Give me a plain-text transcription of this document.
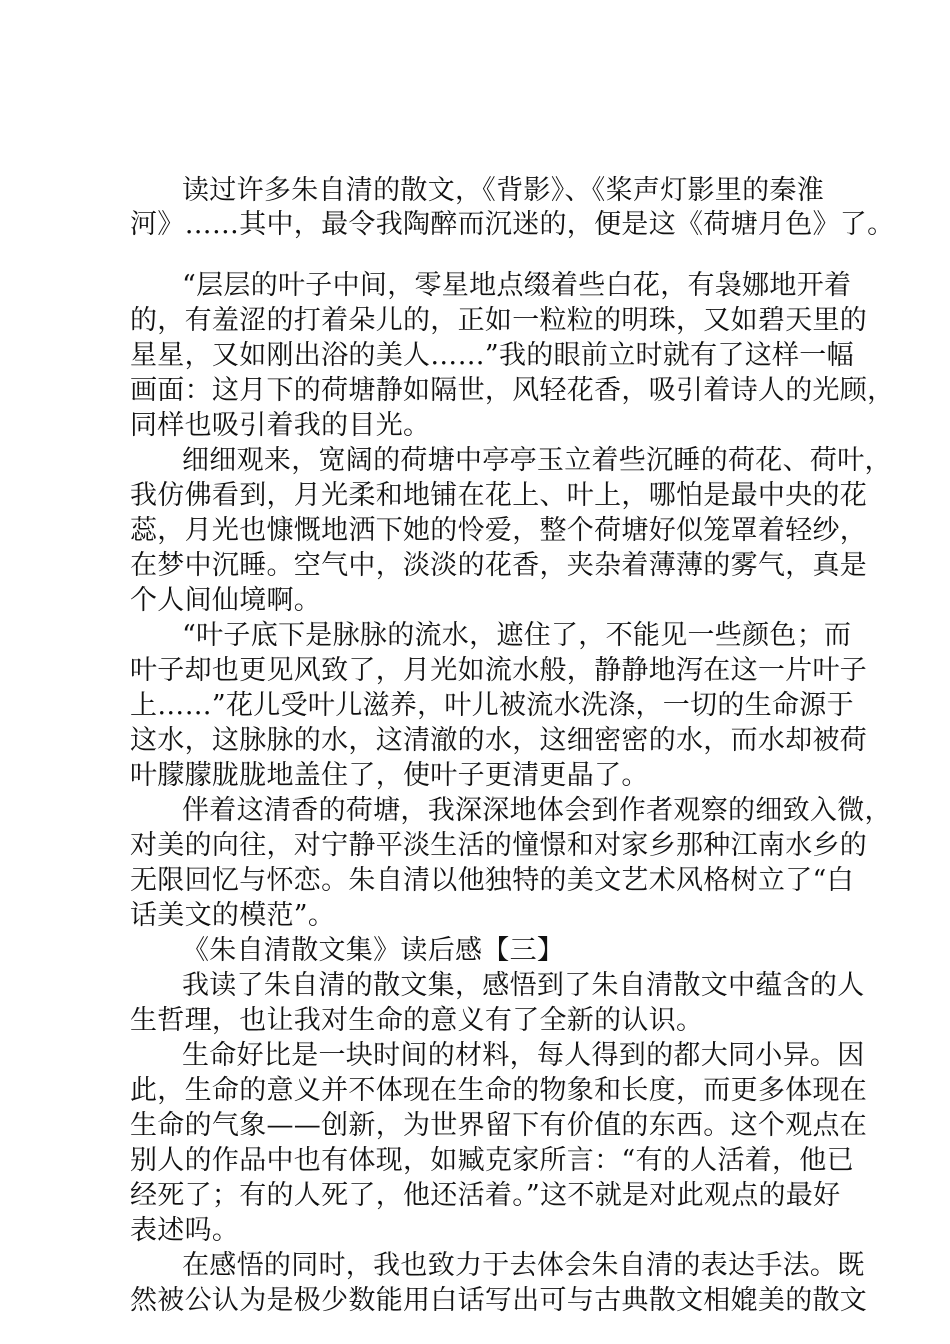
读过许多朱自清的散文，《背影》、《桨声灯影里的秦淮
河》……其中，最令我陶醉而沉迷的，便是这《荷塘月色》了。
“层层的叶子中间，零星地点缀着些白花，有袅娜地开着
的，有羞涩的打着朵儿的，正如一粒粒的明珠，又如碧天里的
星星，又如刚出浴的美人……”我的眼前立时就有了这样一幅
画面：这月下的荷塘静如隔世，风轻花香，吸引着诗人的光顾，
同样也吸引着我的目光。
细细观来，宽阔的荷塘中亭亭玉立着些沉睡的荷花、荷叶，
我仿佛看到，月光柔和地铺在花上、叶上，哪怕是最中央的花
蕊，月光也慷慨地洒下她的怜爱，整个荷塘好似笼罩着轻纱，
在梦中沉睡。空气中，淡淡的花香，夹杂着薄薄的雾气，真是
个人间仙境啊。
“叶子底下是脉脉的流水，遮住了，不能见一些颜色；而
叶子却也更见风致了，月光如流水般，静静地泻在这一片叶子
上……”花儿受叶儿滋养，叶儿被流水洗涤，一切的生命源于
这水，这脉脉的水，这清澈的水，这细密密的水，而水却被荷
叶朦朦胧胧地盖住了，使叶子更清更晶了。
伴着这清香的荷塘，我深深地体会到作者观察的细致入微，
对美的向往，对宁静平淡生活的憧憬和对家乡那种江南水乡的
无限回忆与怀恋。朱自清以他独特的美文艺术风格树立了“白
话美文的模范”。
《朱自清散文集》读后感【三】
我读了朱自清的散文集，感悟到了朱自清散文中蕴含的人
生哲理，也让我对生命的意义有了全新的认识。
生命好比是一块时间的材料，每人得到的都大同小异。因
此，生命的意义并不体现在生命的物象和长度，而更多体现在
生命的气象——创新，为世界留下有价值的东西。这个观点在
别人的作品中也有体现，如臧克家所言：“有的人活着，他已
经死了；有的人死了，他还活着。”这不就是对此观点的最好
表述吗。
在感悟的同时，我也致力于去体会朱自清的表达手法。既
然被公认为是极少数能用白话写出可与古典散文相媲美的散文
